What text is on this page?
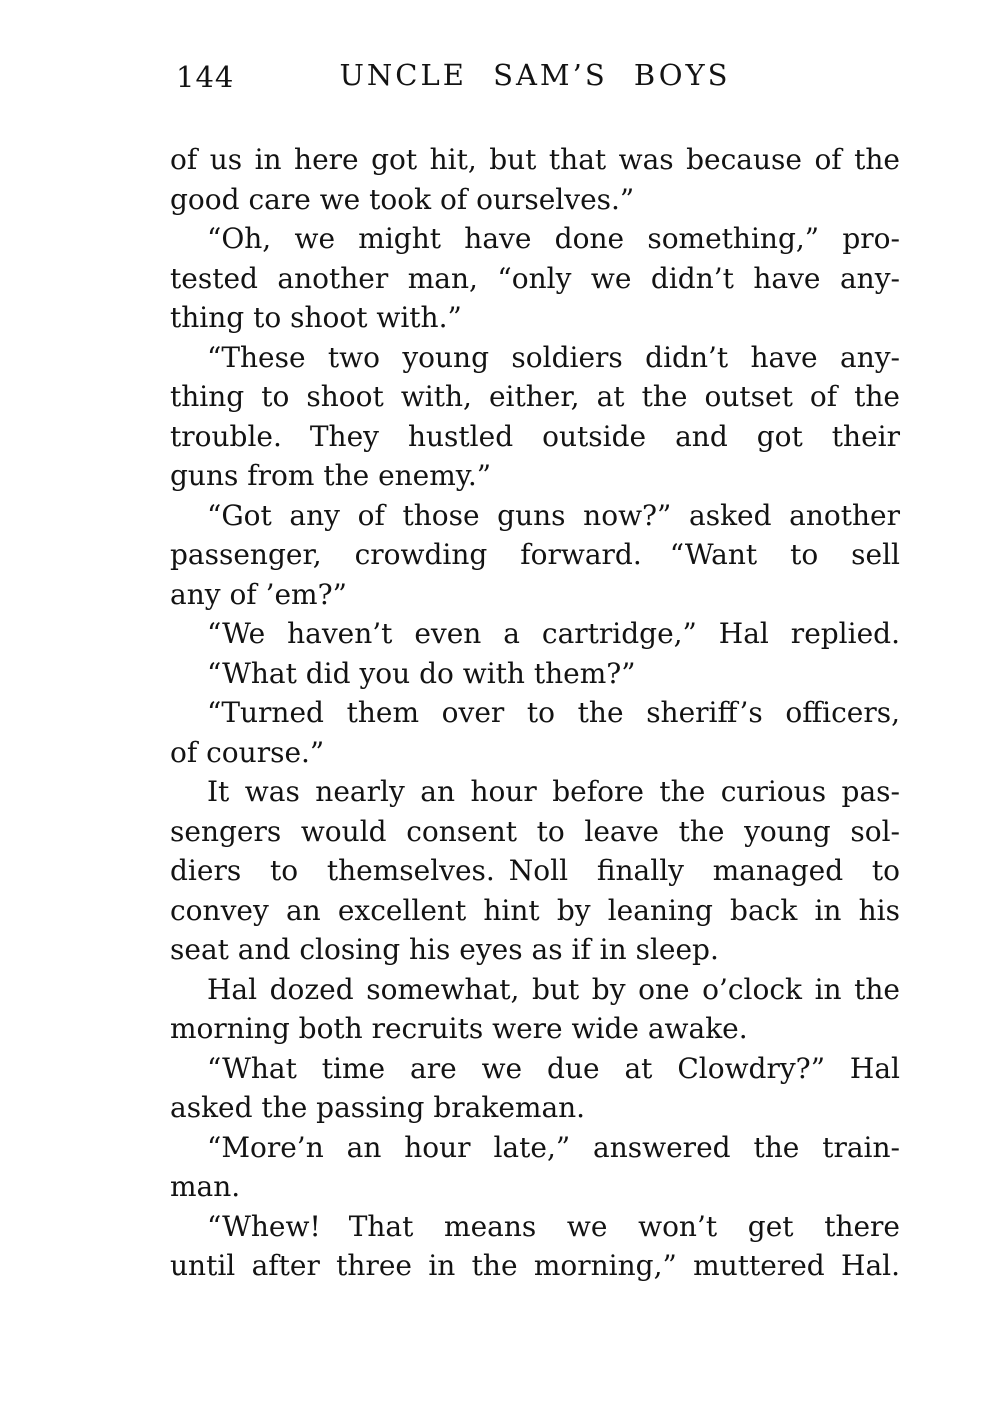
144	UNCLE SAM’S BOYS
of us in here got hit, but that was because of the
good care we took of ourselves.”
“Oh, we might have done something,” pro-
tested another man, “only we didn’t have any-
thing to shoot with.”
“These two young soldiers didn’t have any-
thing to shoot with, either, at the outset of the
trouble. They hustled outside and got their
guns from the enemy.”
“Got any of those guns now?” asked another
passenger, crowding forward. “Want to sell
any of ’em?”
“We haven’t even a cartridge,” Hal replied.
“What did you do with them?”
“Turned them over to the sheriff’s officers,
of course.”
It was nearly an hour before the curious pas-
sengers would consent to leave the young sol-
diers to themselves. Noll finally managed to
convey an excellent hint by leaning back in his
seat and closing his eyes as if in sleep.
Hal dozed somewhat, but by one o’clock in the
morning both recruits were wide awake.
“What time are we due at Clowdry?” Hal
asked the passing brakeman.
“More’n an hour late,” answered the train-
man.
“Whew! That means we won’t get there
until after three in the morning,” muttered Hal.
